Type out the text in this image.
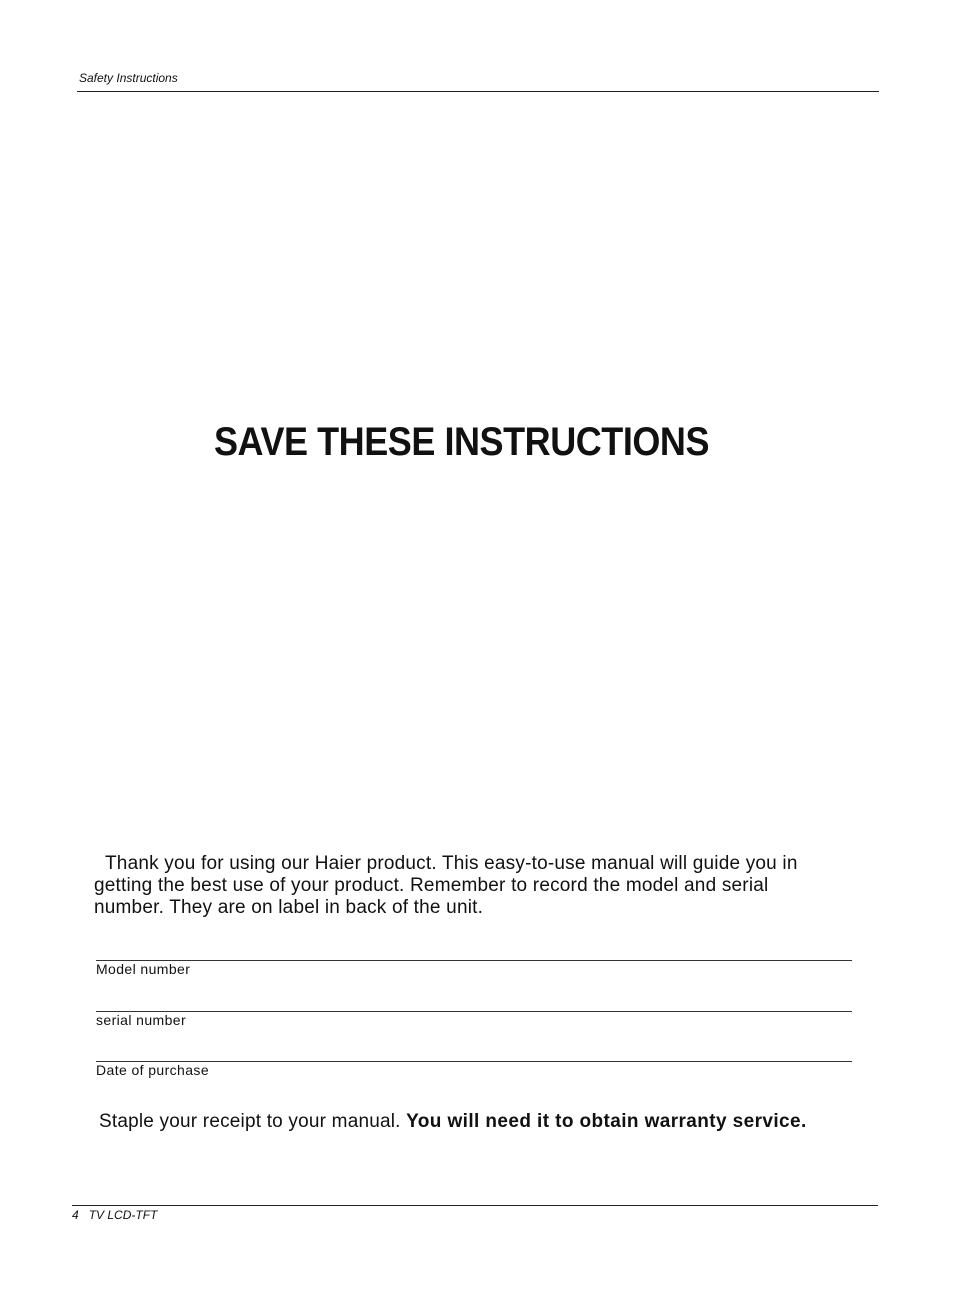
Safety Instructions
SAVE THESE INSTRUCTIONS
Thank you for using our Haier product. This easy-to-use manual will guide you in
getting the best use of your product. Remember to record the model and serial
number. They are on label in back of the unit.
Model number
serial number
Date of purchase
Staple your receipt to your manual. You will need it to obtain warranty service.
4 TV LCD-TFT
